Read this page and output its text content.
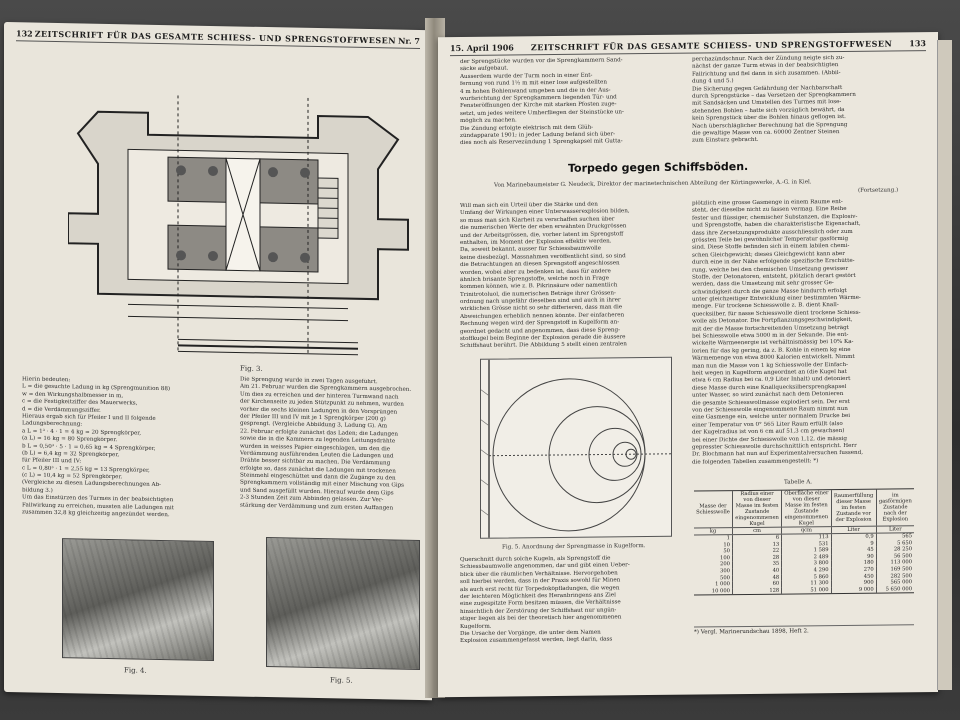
132 ZEITSCHRIFT FÜR DAS GESAMTE SCHIESS- UND SPRENGSTOFFWESEN Nr. 7
Fig. 3.
Hierin bedeuten:
L = die gesuchte Ladung in kg (Sprengmunition 88)
w = den Wirkungshalbmesser in m,
c = die Festigkeitziffer des Mauerwerks,
d = die Verdämmungsziffer.
Hieraus ergab sich für Pfeiler I und II folgende
Ladungsberechnung:
a L = 1³ · 4 · 1 = 4 kg = 20 Sprengkörper,
(a L) = 16 kg = 80 Sprengkörper.
b L = 0,50³ · 5 · 1 = 0,65 kg = 4 Sprengkörper,
(b L) = 6,4 kg = 32 Sprengkörper,
für Pfeiler III und IV:
c L = 0,80³ · 1 = 2,55 kg = 13 Sprengkörper,
(c L) = 10,4 kg = 52 Sprengkörper.
(Vergleiche zu diesen Ladungsberechnungen Ab-
bildung 3.)
Um das Einstürzen des Turmes in der beabsichtigten
Fallwirkung zu erreichen, mussten alle Ladungen mit
zusammen 32,8 kg gleichzeitig angezündet werden.
Die Sprengung wurde in zwei Tagen ausgeführt.
Am 21. Februar wurden die Sprengkammern ausgebrochen.
Um dies zu erreichen und der hinteren Turmwand nach
der Kirchenseite zu jeden Stützpunkt zu nehmen, wurden
vorher die sechs kleinen Ladungen in den Vorsprüngen
der Pfeiler III und IV mit je 1 Sprengkörper (200 g)
gesprengt. (Vergleiche Abbildung 3, Ladung G). Am
22. Februar erfolgte zunächst das Laden; die Ladungen
sowie die in die Kammern zu legenden Leitungsdrähte
wurden in weisses Papier eingeschlagen, um den die
Verdämmung ausführenden Leuten die Ladungen und
Drähte besser sichtbar zu machen. Die Verdämmung
erfolgte so, dass zunächst die Ladungen mit trockenen
Steinmehl eingeschüttet und dann die Zugänge zu den
Sprengkammern vollständig mit einer Mischung von Gips
und Sand ausgefüllt wurden. Hierauf wurde dem Gips
2-3 Stunden Zeit zum Abbinden gelassen. Zur Ver-
stärkung der Verdämmung und zum ersten Auffangen
Fig. 4.
Fig. 5.
15. April 1906 ZEITSCHRIFT FÜR DAS GESAMTE SCHIESS- UND SPRENGSTOFFWESEN 133
der Sprengstücke wurden vor die Sprengkammern Sand-
säcke aufgebaut.
Ausserdem wurde der Turm noch in einer Ent-
fernung von rund 1½ m mit einer lose aufgestellten
4 m hohen Bohlenwand umgeben und die in der Aus-
wurfsrichtung der Sprengkammern liegenden Tür- und
Fensteröffnungen der Kirche mit starken Pfosten zuge-
setzt, um jedes weitere Umherfliegen der Steinstücke un-
möglich zu machen.
Die Zündung erfolgte elektrisch mit dem Glüh-
zündapparate 1901; in jeder Ladung befand sich über-
dies noch als Reservezündung 1 Sprengkapsel mit Gutta-
perchazündschnur. Nach der Zündung neigte sich zu-
nächst der ganze Turm etwas in der beabsichtigten
Fallrichtung und fiel dann in sich zusammen. (Abbil-
dung 4 und 5.)
Die Sicherung gegen Gefährdung der Nachbarschaft
durch Sprengstücke – das Versetzen der Sprengkammern
mit Sandsäcken und Umstellen des Turmes mit lose-
stehenden Bohlen – hatte sich vorzüglich bewährt, da
kein Sprengstück über die Bohlen hinaus geflogen ist.
Nach überschläglicher Berechnung hat die Sprengung
die gewaltige Masse von ca. 60000 Zentner Steinen
zum Einsturz gebracht.
Torpedo gegen Schiffsböden.
Von Marinebaumeister G. Neudeck, Direktor der marinetechnischen Abteilung der Körtingswerke, A.-G. in Kiel.
(Fortsetzung.)
Will man sich ein Urteil über die Stärke und den
Umfang der Wirkungen einer Unterwasserexplosion bilden,
so muss man sich Klarheit zu verschaffen suchen über
die numerischen Werte der eben erwähnten Druckgrössen
und der Arbeitsgrössen, die, vorher latent im Sprengstoff
enthalten, im Moment der Explosion effektiv werden.
Da, soweit bekannt, ausser für Schiessbaumwolle
keine diesbezügl. Massnahmen veröffentlicht sind, so sind
die Betrachtungen an diesen Sprengstoff angeschlossen
worden, wobei aber zu bedenken ist, dass für andere
ähnlich brisante Sprengstoffe, welche noch in Frage
kommen können, wie z. B. Pikrinsäure oder namentlich
Trinitrotoluol, die numerischen Beträge ihrer Grössen-
ordnung nach ungefähr dieselben sind und auch in ihrer
wirklichen Grösse nicht so sehr differieren, dass man die
Abweichungen erheblich nennen könnte. Der einfacheren
Rechnung wegen wird der Sprengstoff in Kugelform an-
geordnet gedacht und angenommen, dass diese Spreng-
stoffkugel beim Beginne der Explosion gerade die äussere
Schiffshaut berührt. Die Abbildung 5 stellt einen zentralen
Fig. 5. Anordnung der Sprengmasse in Kugelform.
Querschnitt durch solche Kugeln, als Sprengstoff die
Schiessbaumwolle angenommen, dar und gibt einen Ueber-
blick über die räumlichen Verhältnisse. Hervorgehoben
soll hierbei werden, dass in der Praxis sowohl für Minen
als auch erst recht für Torpedoköpfladungen, die wegen
der leichteren Möglichkeit des Heranbringens ans Ziel
eine zugespitzte Form besitzen müssen, die Verhältnisse
hinsichtlich der Zerstörung der Schiffshaut nur ungün-
stiger liegen als bei der theoretisch hier angenommenen
Kugelform.
Die Ursache der Vorgänge, die unter dem Namen
Explosion zusammengefasst werden, liegt darin, dass
plötzlich eine grosse Gasmenge in einem Raume ent-
steht, der dieselbe nicht zu fassen vermag. Eine Reihe
fester und flüssiger, chemischer Substanzen, die Explosiv-
und Sprengstoffe, haben die charakteristische Eigenschaft,
dass ihre Zersetzungsprodukte ausschliesslich oder zum
grössten Teile bei gewöhnlicher Temperatur gasförmig
sind. Diese Stoffe befinden sich in einem labilen chemi-
schen Gleichgewicht; dieses Gleichgewicht kann aber
durch eine in der Nähe erfolgende spezifische Erschütte-
rung, welche bei den chemischen Umsetzung gewisser
Stoffe, der Detonatoren, entsteht, plötzlich derart gestört
werden, dass die Umsetzung mit sehr grosser Ge-
schwindigkeit durch die ganze Masse hindurch erfolgt
unter gleichzeitiger Entwicklung einer bestimmten Wärme-
menge. Für trockene Schiesswolle z. B. dient Knall-
quecksilber, für nasse Schiesswolle dient trockene Schiess-
wolle als Detonator. Die Fortpflanzungsgeschwindigkeit,
mit der die Masse fortschreitenden Umsetzung beträgt
bei Schiesswolle etwa 5000 m in der Sekunde. Die ent-
wickelte Wärmeenergie ist verhältnismässig bei 10% Ka-
lorien für das kg gering, da z. B. Kohle in einem kg eine
Wärmemenge von etwa 8000 Kalorien entwickelt. Nimmt
man nun die Masse von 1 kg Schiesswolle der Einfach-
heit wegen in Kugelform angeordnet an (die Kugel hat
etwa 6 cm Radius bei ca. 0,9 Liter Inhalt) und detoniert
diese Masse durch eine Knallquecksilbersprengkapsel
unter Wasser, so wird zunächst nach dem Detonieren
die gesamte Schiesswollmasse explodiert sein. Der erst
von der Schiesswolle eingenommene Raum nimmt nun
eine Gasmenge ein, welche unter normalem Drucke bei
einer Temperatur von 0° 565 Liter Raum erfüllt (also
der Kugelradius ist von 6 cm auf 51,3 cm gewachsen)
bei einer Dichte der Schiesswolle von 1,12, die mässig
gepresster Schiesswolle durchschnittlich entspricht. Herr
Dr. Blochmann hat nun auf Experimentalversuchen fussend,
die folgenden Tabellen zusammengestellt: *)
Tabelle A.
Masse der Schiesswolle	Radius einer von dieser Masse im festen Zustande eingenommenen Kugel	Oberfläche einer von dieser Masse im festen Zustande eingenommenen Kugel	Raumerfüllung dieser Masse im festen Zustande vor der Explosion	im gasförmigen Zustande nach der Explosion
kg	cm	qcm	Liter	Liter
1	6	113	0,9	565
10	13	531	9	5 650
50	22	1 589	45	28 250
100	28	2 489	90	56 500
200	35	3 800	180	113 000
300	40	4 290	270	169 500
500	48	5 860	450	282 500
1 000	60	11 300	900	565 000
10 000	128	51 000	9 000	5 650 000
*) Vergl. Marinerundschau 1898, Heft 2.
